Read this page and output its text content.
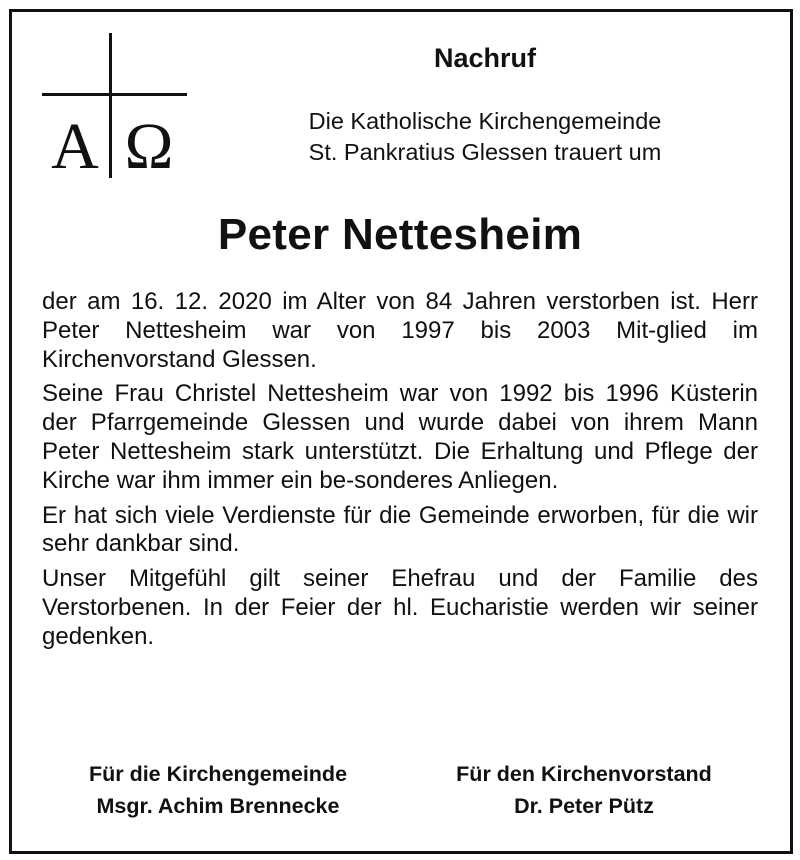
A Ω
Nachruf
Die Katholische Kirchengemeinde
St. Pankratius Glessen trauert um
Peter Nettesheim

der am 16. 12. 2020 im Alter von 84 Jahren verstorben ist. Herr Peter Nettesheim war von 1997 bis 2003 Mit-glied im Kirchenvorstand Glessen.

Seine Frau Christel Nettesheim war von 1992 bis 1996 Küsterin der Pfarrgemeinde Glessen und wurde dabei von ihrem Mann Peter Nettesheim stark unterstützt. Die Erhaltung und Pflege der Kirche war ihm immer ein be-sonderes Anliegen.

Er hat sich viele Verdienste für die Gemeinde erworben, für die wir sehr dankbar sind.

Unser Mitgefühl gilt seiner Ehefrau und der Familie des Verstorbenen. In der Feier der hl. Eucharistie werden wir seiner gedenken.

Für die Kirchengemeinde
Msgr. Achim Brennecke
Für den Kirchenvorstand
Dr. Peter Pütz
